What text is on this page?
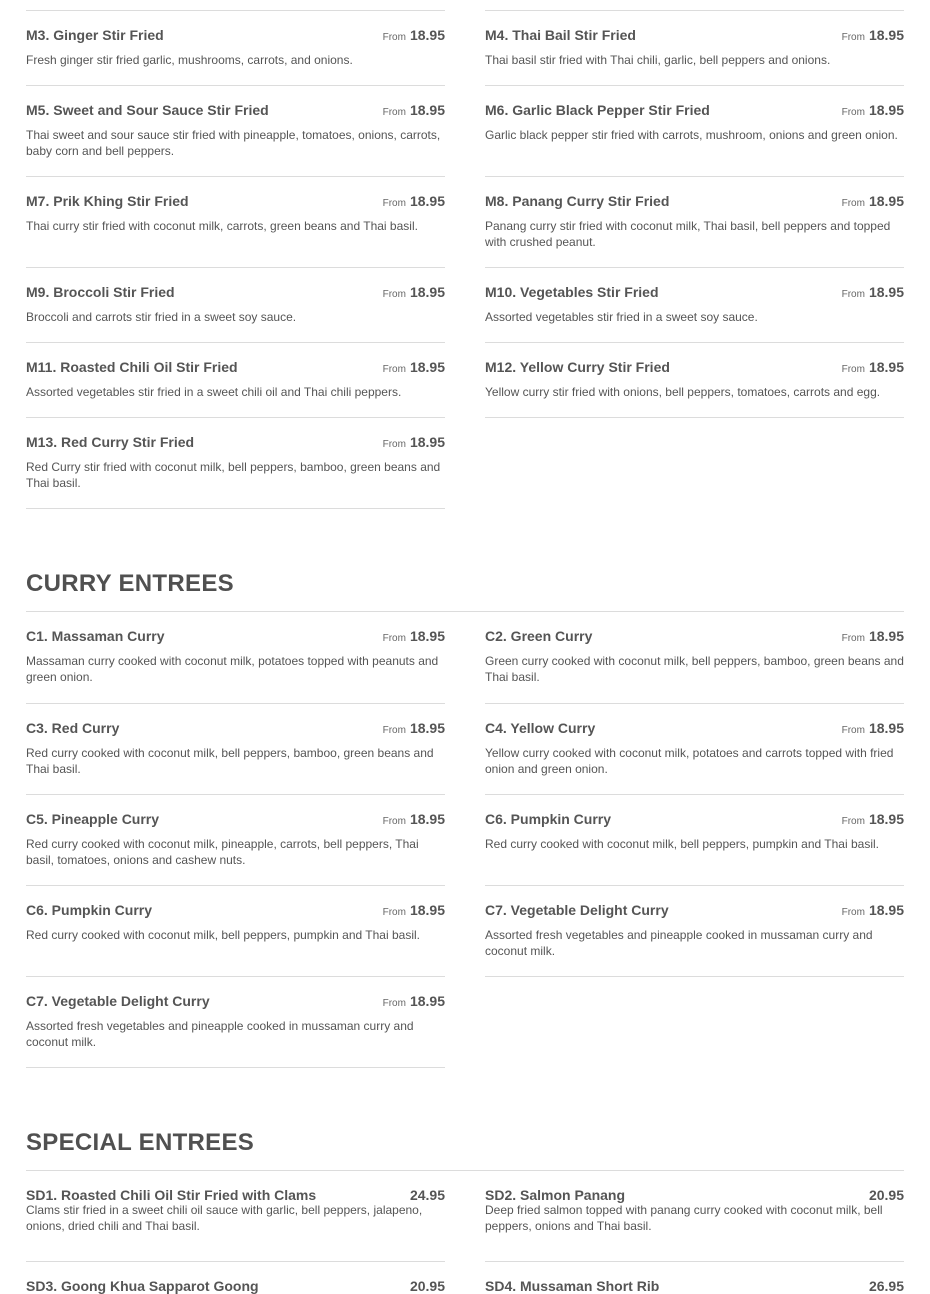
M3. Ginger Stir Fried	From 18.95
Fresh ginger stir fried garlic, mushrooms, carrots, and onions.
M4. Thai Bail Stir Fried	From 18.95
Thai basil stir fried with Thai chili, garlic, bell peppers and onions.
M5. Sweet and Sour Sauce Stir Fried	From 18.95
Thai sweet and sour sauce stir fried with pineapple, tomatoes, onions, carrots, baby corn and bell peppers.
M6. Garlic Black Pepper Stir Fried	From 18.95
Garlic black pepper stir fried with carrots, mushroom, onions and green onion.
M7. Prik Khing Stir Fried	From 18.95
Thai curry stir fried with coconut milk, carrots, green beans and Thai basil.
M8. Panang Curry Stir Fried	From 18.95
Panang curry stir fried with coconut milk, Thai basil, bell peppers and topped with crushed peanut.
M9. Broccoli Stir Fried	From 18.95
Broccoli and carrots stir fried in a sweet soy sauce.
M10. Vegetables Stir Fried	From 18.95
Assorted vegetables stir fried in a sweet soy sauce.
M11. Roasted Chili Oil Stir Fried	From 18.95
Assorted vegetables stir fried in a sweet chili oil and Thai chili peppers.
M12. Yellow Curry Stir Fried	From 18.95
Yellow curry stir fried with onions, bell peppers, tomatoes, carrots and egg.
M13. Red Curry Stir Fried	From 18.95
Red Curry stir fried with coconut milk, bell peppers, bamboo, green beans and Thai basil.
CURRY ENTREES
C1. Massaman Curry	From 18.95
Massaman curry cooked with coconut milk, potatoes topped with peanuts and green onion.
C2. Green Curry	From 18.95
Green curry cooked with coconut milk, bell peppers, bamboo, green beans and Thai basil.
C3. Red Curry	From 18.95
Red curry cooked with coconut milk, bell peppers, bamboo, green beans and Thai basil.
C4. Yellow Curry	From 18.95
Yellow curry cooked with coconut milk, potatoes and carrots topped with fried onion and green onion.
C5. Pineapple Curry	From 18.95
Red curry cooked with coconut milk, pineapple, carrots, bell peppers, Thai basil, tomatoes, onions and cashew nuts.
C6. Pumpkin Curry	From 18.95
Red curry cooked with coconut milk, bell peppers, pumpkin and Thai basil.
C6. Pumpkin Curry	From 18.95
Red curry cooked with coconut milk, bell peppers, pumpkin and Thai basil.
C7. Vegetable Delight Curry	From 18.95
Assorted fresh vegetables and pineapple cooked in mussaman curry and coconut milk.
C7. Vegetable Delight Curry	From 18.95
Assorted fresh vegetables and pineapple cooked in mussaman curry and coconut milk.
SPECIAL ENTREES
SD1. Roasted Chili Oil Stir Fried with Clams	24.95
Clams stir fried in a sweet chili oil sauce with garlic, bell peppers, jalapeno, onions, dried chili and Thai basil.
SD2. Salmon Panang	20.95
Deep fried salmon topped with panang curry cooked with coconut milk, bell peppers, onions and Thai basil.
SD3. Goong Khua Sapparot Goong	20.95	SD4. Mussaman Short Rib	26.95
